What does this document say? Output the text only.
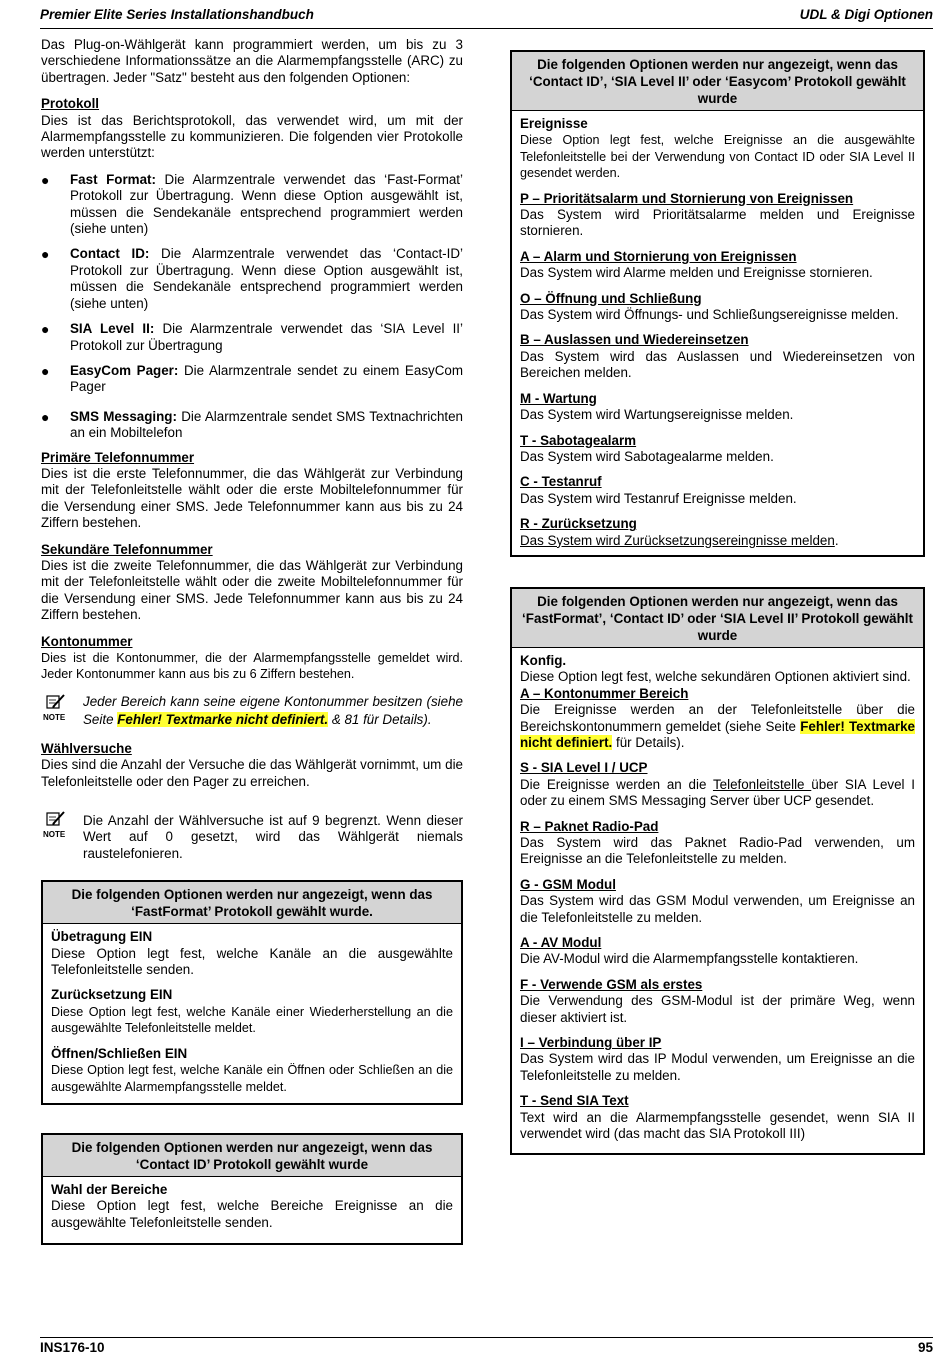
Premier Elite Series Installationshandbuch	UDL & Digi Optionen

Das Plug-on-Wählgerät kann programmiert werden, um bis zu 3 verschiedene Informationssätze an die Alarmempfangsstelle (ARC) zu übertragen. Jeder "Satz" besteht aus den folgenden Optionen:

Protokoll

Dies ist das Berichtsprotokoll, das verwendet wird, um mit der Alarmempfangsstelle zu kommunizieren. Die folgenden vier Protokolle werden unterstützt:

●	Fast Format: Die Alarmzentrale verwendet das ‘Fast-Format’ Protokoll zur Übertragung. Wenn diese Option ausgewählt ist, müssen die Sendekanäle entsprechend programmiert werden (siehe unten)
●	Contact ID: Die Alarmzentrale verwendet das ‘Contact-ID’ Protokoll zur Übertragung. Wenn diese Option ausgewählt ist, müssen die Sendekanäle entsprechend programmiert werden (siehe unten)
●	SIA Level II: Die Alarmzentrale verwendet das ‘SIA Level II’ Protokoll zur Übertragung
●	EasyCom Pager: Die Alarmzentrale sendet zu einem EasyCom Pager
●	SMS Messaging: Die Alarmzentrale sendet SMS Textnachrichten an ein Mobiltelefon

Primäre Telefonnummer

Dies ist die erste Telefonnummer, die das Wählgerät zur Verbindung mit der Telefonleitstelle wählt oder die erste Mobiltelefonnummer für die Versendung einer SMS. Jede Telefonnummer kann aus bis zu 24 Ziffern bestehen.

Sekundäre Telefonnummer

Dies ist die zweite Telefonnummer, die das Wählgerät zur Verbindung mit der Telefonleitstelle wählt oder die zweite Mobiltelefonnummer für die Versendung einer SMS. Jede Telefonnummer kann aus bis zu 24 Ziffern bestehen.

Kontonummer

Dies ist die Kontonummer, die der Alarmempfangsstelle gemeldet wird. Jeder Kontonummer kann aus bis zu 6 Ziffern bestehen.

NOTE
Jeder Bereich kann seine eigene Kontonummer besitzen (siehe Seite Fehler! Textmarke nicht definiert. & 81 für Details).

Wählversuche

Dies sind die Anzahl der Versuche die das Wählgerät vornimmt, um die Telefonleitstelle oder den Pager zu erreichen.

NOTE
Die Anzahl der Wählversuche ist auf 9 begrenzt. Wenn dieser Wert auf 0 gesetzt, wird das Wählgerät niemals raustelefonieren.
Die folgenden Optionen werden nur angezeigt, wenn das ‘FastFormat’ Protokoll gewählt wurde.
Übetragung EIN
Diese Option legt fest, welche Kanäle an die ausgewählte Telefonleitstelle senden.
Zurücksetzung EIN
Diese Option legt fest, welche Kanäle einer Wiederherstellung an die ausgewählte Telefonleitstelle meldet.
Öffnen/Schließen EIN
Diese Option legt fest, welche Kanäle ein Öffnen oder Schließen an die ausgewählte Alarmempfangsstelle meldet.
Die folgenden Optionen werden nur angezeigt, wenn das ‘Contact ID’ Protokoll gewählt wurde
Wahl der Bereiche
Diese Option legt fest, welche Bereiche Ereignisse an die ausgewählte Telefonleitstelle senden.
Die folgenden Optionen werden nur angezeigt, wenn das ‘Contact ID’, ‘SIA Level II’ oder ‘Easycom’ Protokoll gewählt wurde
Ereignisse
Diese Option legt fest, welche Ereignisse an die ausgewählte Telefonleitstelle bei der Verwendung von Contact ID oder SIA Level II gesendet werden.
P – Prioritätsalarm und Stornierung von Ereignissen
Das System wird Prioritätsalarme melden und Ereignisse stornieren.
A – Alarm und Stornierung von Ereignissen
Das System wird Alarme melden und Ereignisse stornieren.
O – Öffnung und Schließung
Das System wird Öffnungs- und Schließungsereignisse melden.
B – Auslassen und Wiedereinsetzen
Das System wird das Auslassen und Wiedereinsetzen von Bereichen melden.
M - Wartung
Das System wird Wartungsereignisse melden.
T - Sabotagealarm
Das System wird Sabotagealarme melden.
C - Testanruf
Das System wird Testanruf Ereignisse melden.
R - Zurücksetzung
Das System wird Zurücksetzungsereingnisse melden.
Die folgenden Optionen werden nur angezeigt, wenn das ‘FastFormat’, ‘Contact ID’ oder ‘SIA Level II’ Protokoll gewählt wurde
Konfig.
Diese Option legt fest, welche sekundären Optionen aktiviert sind.
A – Kontonummer Bereich
Die Ereignisse werden an der Telefonleitstelle über die Bereichskontonummern gemeldet (siehe Seite Fehler! Textmarke nicht definiert. für Details).
S - SIA Level I / UCP
Die Ereignisse werden an die Telefonleitstelle über SIA Level I oder zu einem SMS Messaging Server über UCP gesendet.
R – Paknet Radio-Pad
Das System wird das Paknet Radio-Pad verwenden, um Ereignisse an die Telefonleitstelle zu melden.
G - GSM Modul
Das System wird das GSM Modul verwenden, um Ereignisse an die Telefonleitstelle zu melden.
A - AV Modul
Die AV-Modul wird die Alarmempfangsstelle kontaktieren.
F - Verwende GSM als erstes
Die Verwendung des GSM-Modul ist der primäre Weg, wenn dieser aktiviert ist.
I – Verbindung über IP
Das System wird das IP Modul verwenden, um Ereignisse an die Telefonleitstelle zu melden.
T - Send SIA Text
Text wird an die Alarmempfangsstelle gesendet, wenn SIA II verwendet wird (das macht das SIA Protokoll III)
INS176-10	95
